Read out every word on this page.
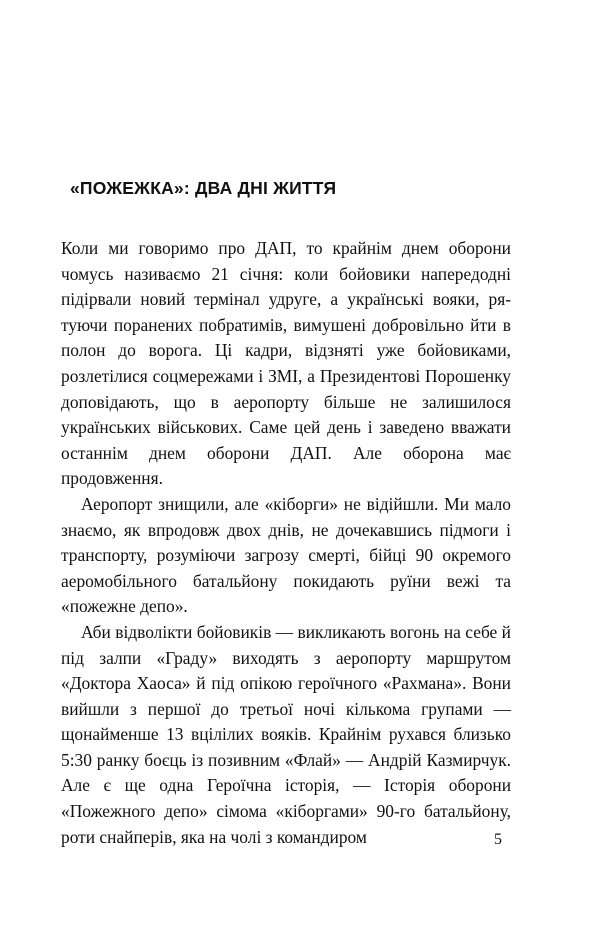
«ПОЖЕЖКА»: ДВА ДНІ ЖИТТЯ

Коли ми говоримо про ДАП, то крайнім днем оборони чомусь називаємо 21 січня: коли бойовики напередодні підірвали новий термінал удруге, а українські вояки, рятуючи поранених побратимів, вимушені добровільно йти в полон до ворога. Ці кадри, відзняті уже бойовиками, розлетілися соцмережами і ЗМІ, а Президентові Порошенку доповідають, що в аеропорту більше не залишилося українських військових. Саме цей день і заведено вважати останнім днем оборони ДАП. Але оборона має продовження.

Аеропорт знищили, але «кіборги» не відійшли. Ми мало знаємо, як впродовж двох днів, не дочекавшись підмоги і транспорту, розуміючи загрозу смерті, бійці 90 окремого аеромобільного батальйону покидають руїни вежі та «пожежне депо».

Аби відволікти бойовиків — викликають вогонь на себе й під залпи «Граду» виходять з аеропорту маршрутом «Доктора Хаоса» й під опікою героїчного «Рахмана». Вони вийшли з першої до третьої ночі кількома групами — щонайменше 13 вцілілих вояків. Крайнім рухався близько 5:30 ранку боєць із позивним «Флай» — Андрій Казмирчук. Але є ще одна Героїчна історія, — Історія оборони «Пожежного депо» сімома «кіборгами» 90-го батальйону, роти снайперів, яка на чолі з командиром	5
